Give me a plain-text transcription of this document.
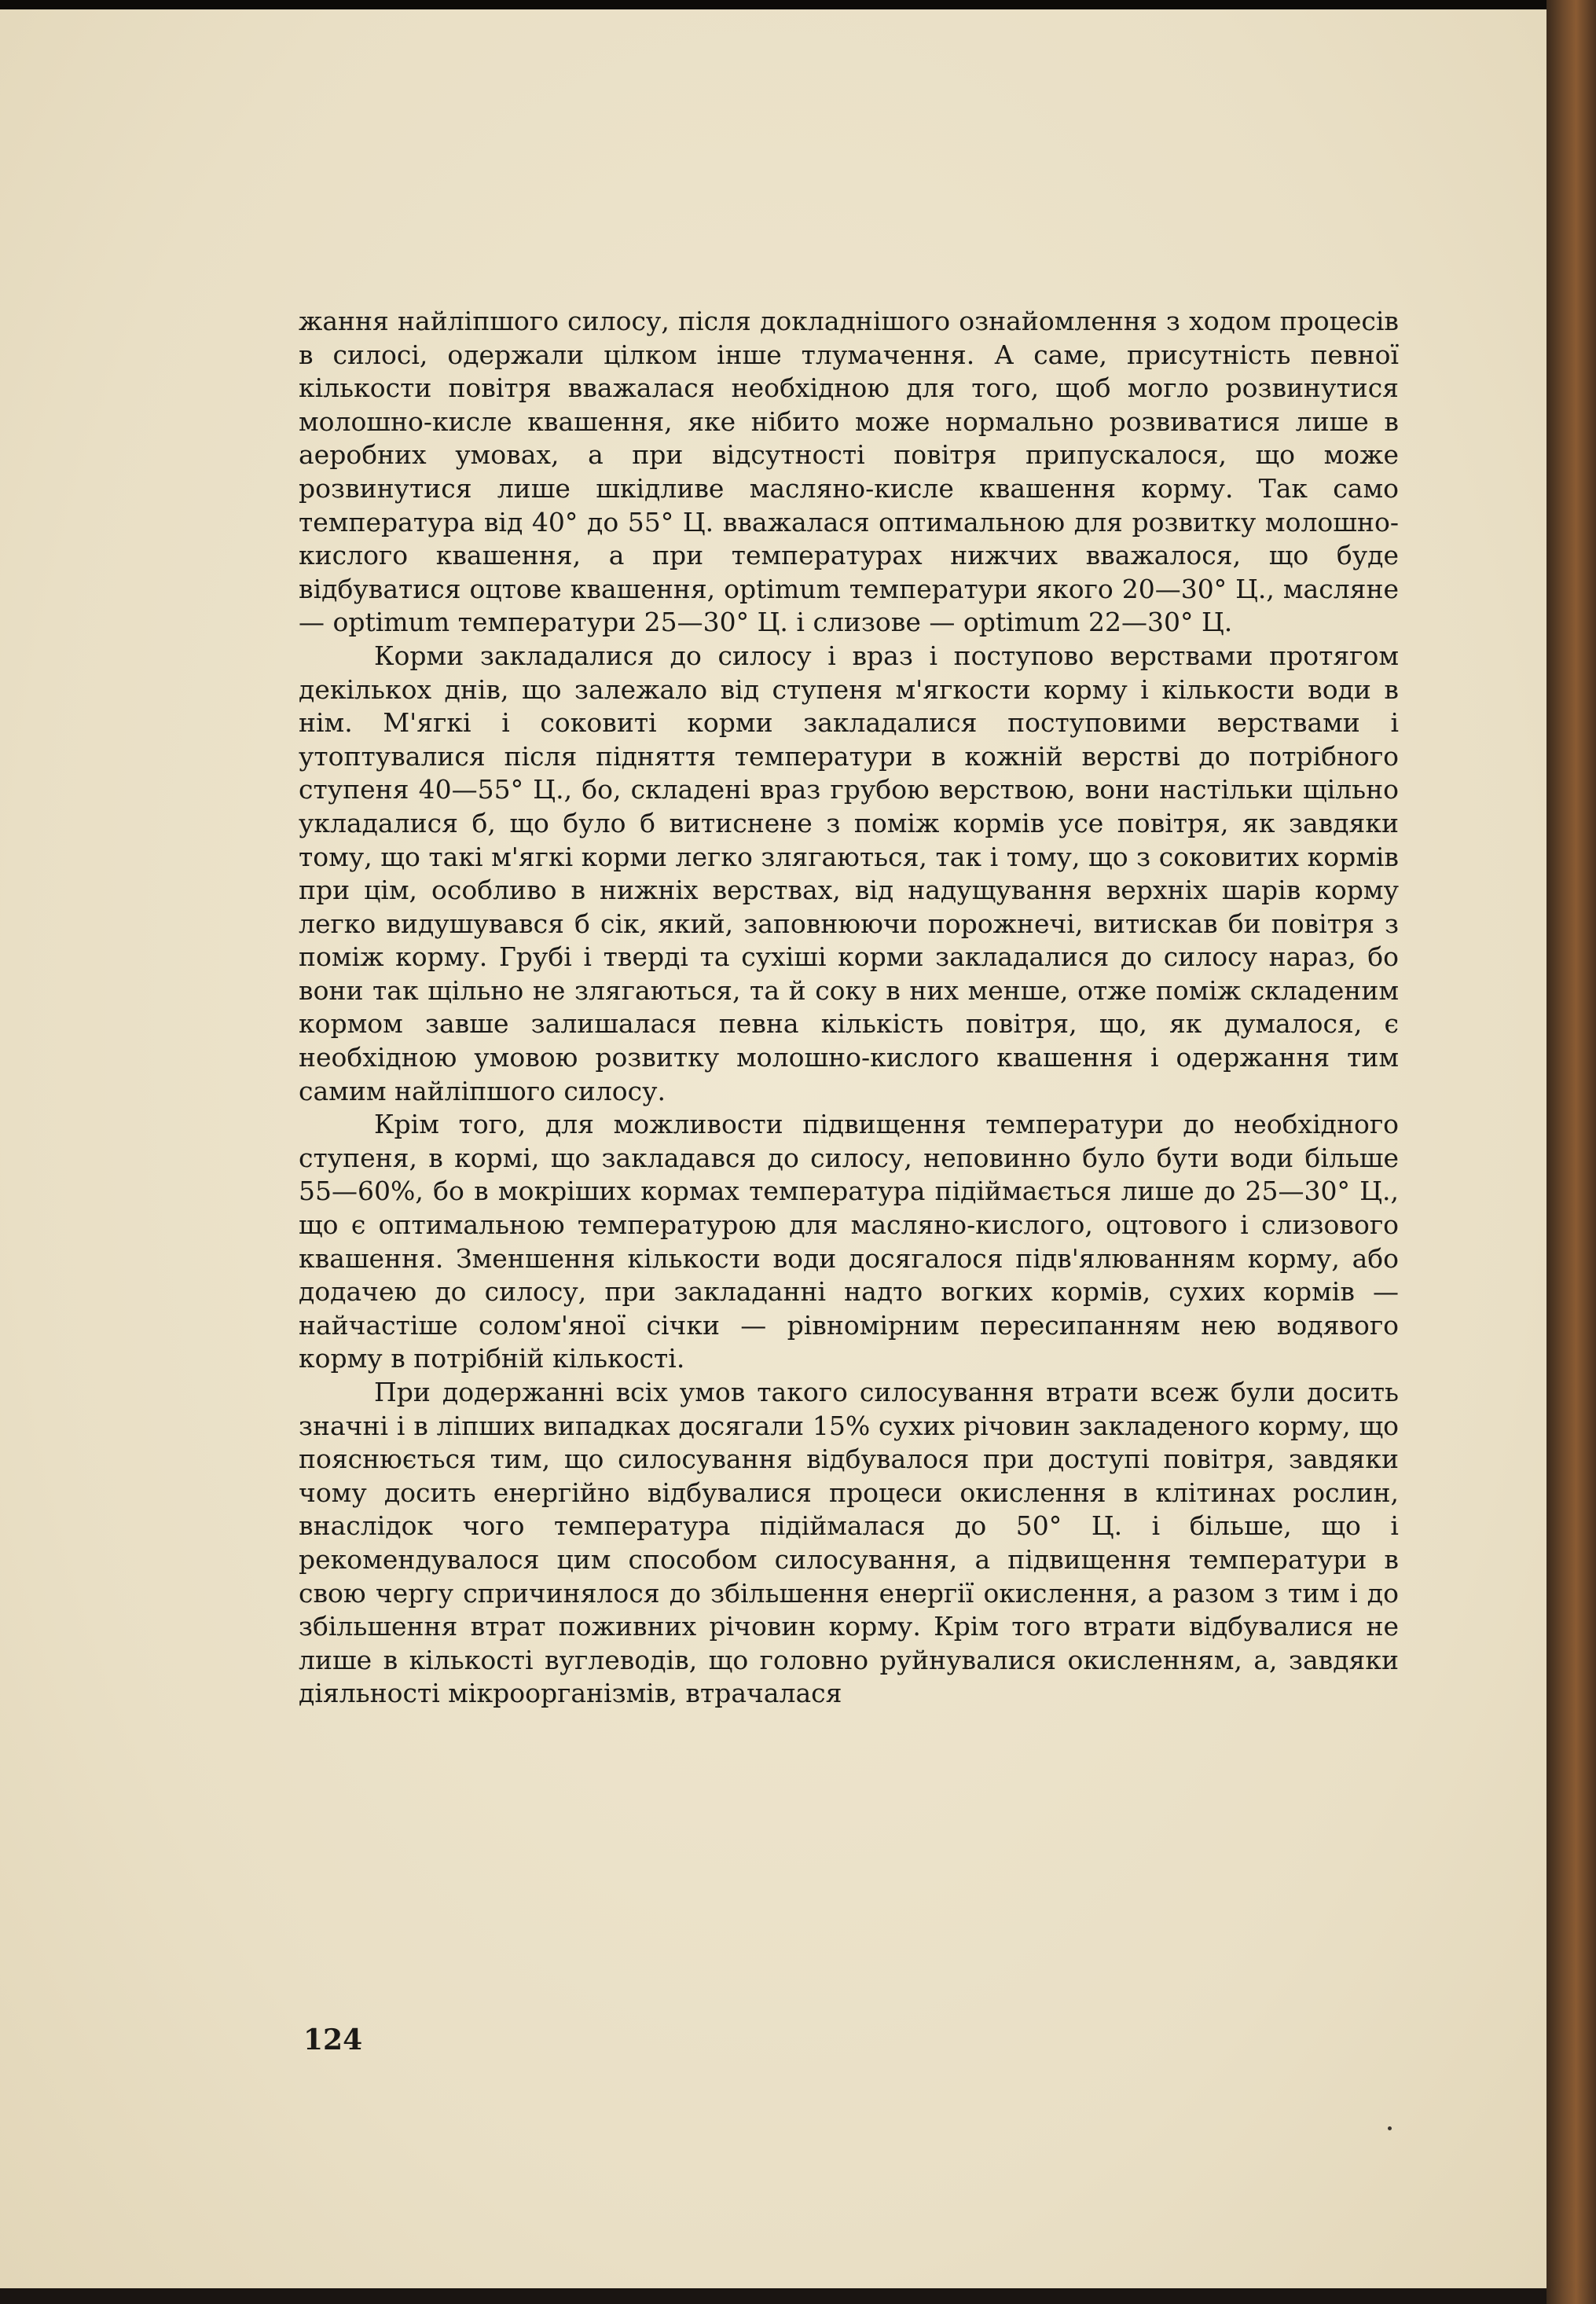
жання найліпшого силосу, після докладнішого ознайомлення з ходом процесів в силосі, одержали цілком інше тлумачення. А саме, присутність певної кількости повітря вважалася необхідною для того, щоб могло розвинутися молошно-кисле квашення, яке нібито може нормально розвиватися лише в аеробних умовах, а при відсутності повітря припускалося, що може розвинутися лише шкідливе масляно-кисле квашення корму. Так само температура від 40° до 55° Ц. вважалася оптимальною для розвитку молошно-кислого квашення, а при температурах нижчих вважалося, що буде відбуватися оцтове квашення, optimum температури якого 20—30° Ц., масляне — optimum температури 25—30° Ц. і слизове — optimum 22—30° Ц.

Корми закладалися до силосу і враз і поступово верствами протягом декількох днів, що залежало від ступеня м'ягкости корму і кількости води в нім. М'ягкі і соковиті корми закладалися поступовими верствами і утоптувалися після підняття температури в кожній верстві до потрібного ступеня 40—55° Ц., бо, складені враз грубою верствою, вони настільки щільно укладалися б, що було б витиснене з поміж кормів усе повітря, як завдяки тому, що такі м'ягкі корми легко злягаються, так і тому, що з соковитих кормів при цім, особливо в нижніх верствах, від надущування верхніх шарів корму легко видушувався б сік, який, заповнюючи порожнечі, витискав би повітря з поміж корму. Грубі і тверді та сухіші корми закладалися до силосу нараз, бо вони так щільно не злягаються, та й соку в них менше, отже поміж складеним кормом завше залишалася певна кількість повітря, що, як думалося, є необхідною умовою розвитку молошно-кислого квашення і одержання тим самим найліпшого силосу.

Крім того, для можливости підвищення температури до необхідного ступеня, в кормі, що закладався до силосу, неповинно було бути води більше 55—60%, бо в мокріших кормах температура підіймається лише до 25—30° Ц., що є оптимальною температурою для масляно-кислого, оцтового і слизового квашення. Зменшення кількости води досягалося підв'ялюванням корму, або додачею до силосу, при закладанні надто вогких кормів, сухих кормів — найчастіше солом'яної січки — рівномірним пересипанням нею водявого корму в потрібній кількості.

При додержанні всіх умов такого силосування втрати всеж були досить значні і в ліпших випадках досягали 15% сухих річовин закладеного корму, що пояснюється тим, що силосування відбувалося при доступі повітря, завдяки чому досить енергійно відбувалися процеси окислення в клітинах рослин, внаслідок чого температура підіймалася до 50° Ц. і більше, що і рекомендувалося цим способом силосування, а підвищення температури в свою чергу спричинялося до збільшення енергії окислення, а разом з тим і до збільшення втрат поживних річовин корму. Крім того втрати відбувалися не лише в кількості вуглеводів, що головно руйнувалися окисленням, а, завдяки діяльності мікроорганізмів, втрачалася

124
